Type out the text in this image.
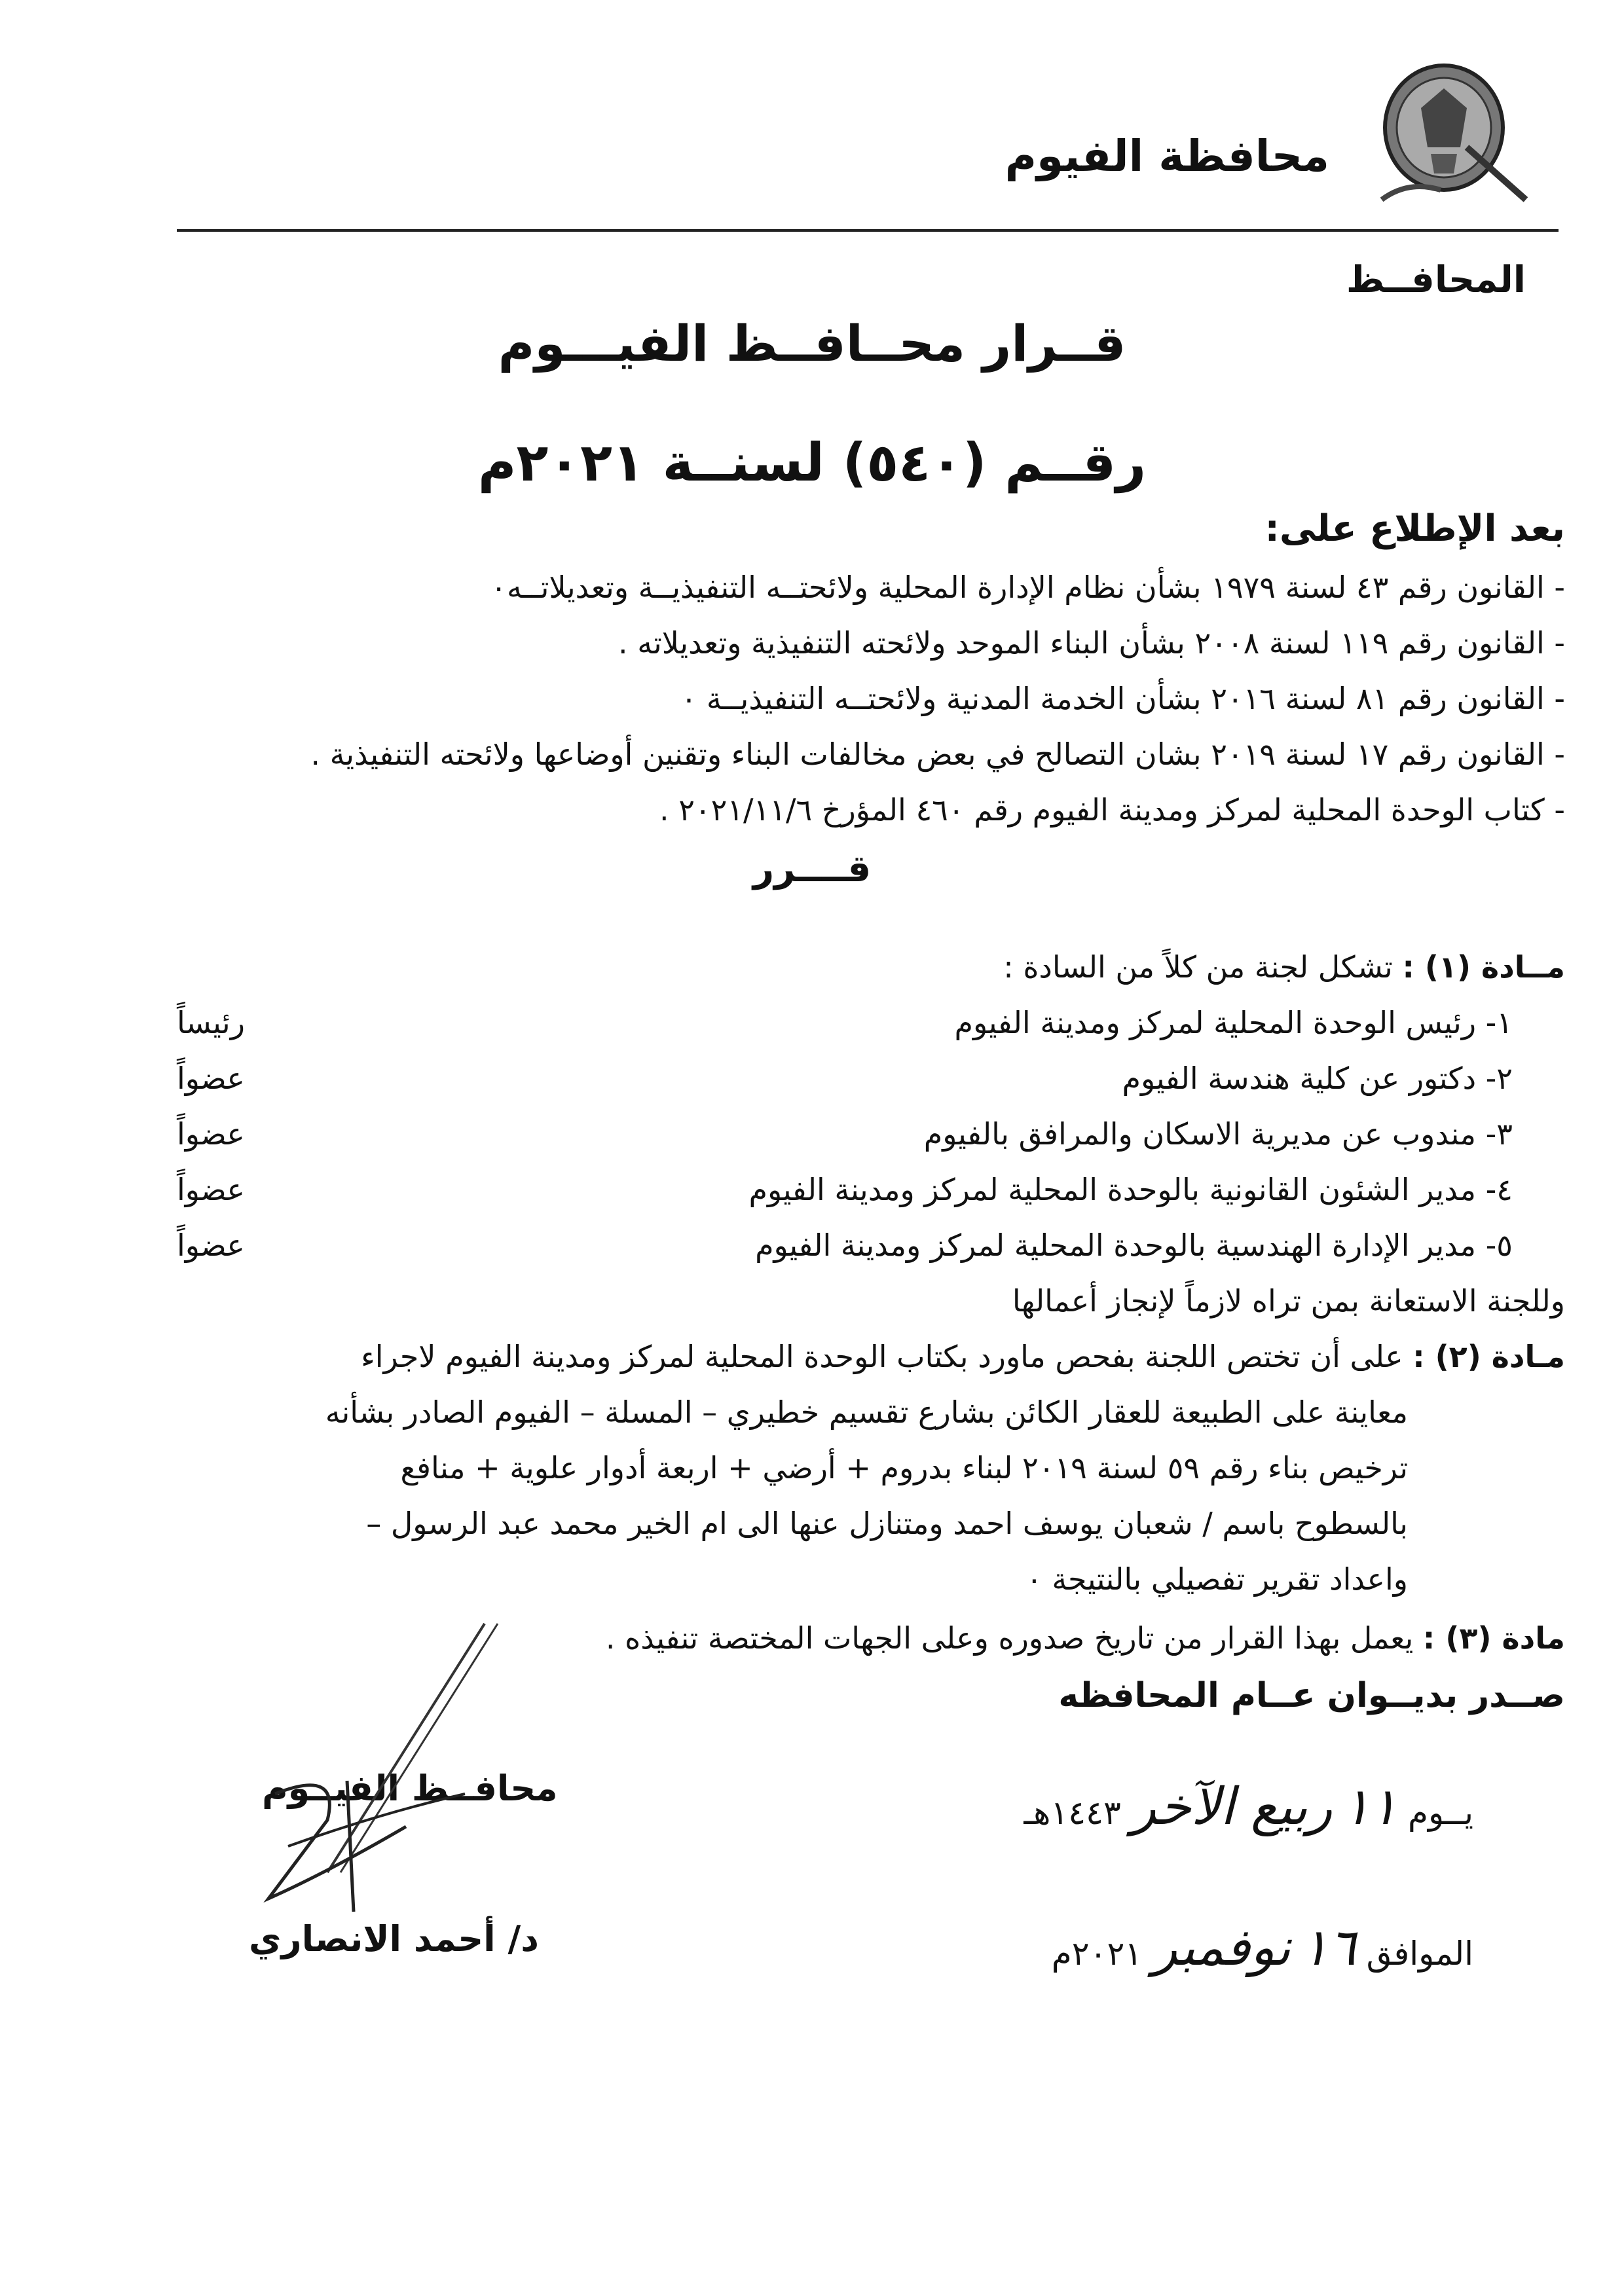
محافظة الفيوم
المحافــظ
قــرار محــافــظ الفيـــوم
رقــم (٥٤٠) لسنــة ٢٠٢١م
بعد الإطلاع على:
- القانون رقم ٤٣ لسنة ١٩٧٩ بشأن نظام الإدارة المحلية ولائحتــه التنفيذيــة وتعديلاتــه٠
- القانون رقم ١١٩ لسنة ٢٠٠٨ بشأن البناء الموحد ولائحته التنفيذية وتعديلاته .
- القانون رقم ٨١ لسنة ٢٠١٦ بشأن الخدمة المدنية ولائحتــه التنفيذيــة ٠
- القانون رقم ١٧ لسنة ٢٠١٩ بشان التصالح في بعض مخالفات البناء وتقنين أوضاعها ولائحته التنفيذية .
- كتاب الوحدة المحلية لمركز ومدينة الفيوم رقم ٤٦٠ المؤرخ ٢٠٢١/١١/٦ .
قــــرر
مــادة (١) : تشكل لجنة من كلاً من السادة :
١- رئيس الوحدة المحلية لمركز ومدينة الفيوم
رئيساً
٢- دكتور عن كلية هندسة الفيوم
عضواً
٣- مندوب عن مديرية الاسكان والمرافق بالفيوم
عضواً
٤- مدير الشئون القانونية بالوحدة المحلية لمركز ومدينة الفيوم
عضواً
٥- مدير الإدارة الهندسية بالوحدة المحلية لمركز ومدينة الفيوم
عضواً
وللجنة الاستعانة بمن تراه لازماً لإنجاز أعمالها
مـادة (٢) : على أن تختص اللجنة بفحص ماورد بكتاب الوحدة المحلية لمركز ومدينة الفيوم لاجراء
معاينة على الطبيعة للعقار الكائن بشارع تقسيم خطيري – المسلة – الفيوم الصادر بشأنه
ترخيص بناء رقم ٥٩ لسنة ٢٠١٩ لبناء بدروم + أرضي + اربعة أدوار علوية + منافع
بالسطوح باسم / شعبان يوسف احمد ومتنازل عنها الى ام الخير محمد عبد الرسول –
واعداد تقرير تفصيلي بالنتيجة ٠
مادة (٣) : يعمل بهذا القرار من تاريخ صدوره وعلى الجهات المختصة تنفيذه .
صــدر بديــوان عــام المحافظه
محافــظ الفيــوم
د/ أحمد الانصاري
يــوم ١١ ربيع الآخر ١٤٤٣هـ
الموافق ١٦ نوفمبر ٢٠٢١م
